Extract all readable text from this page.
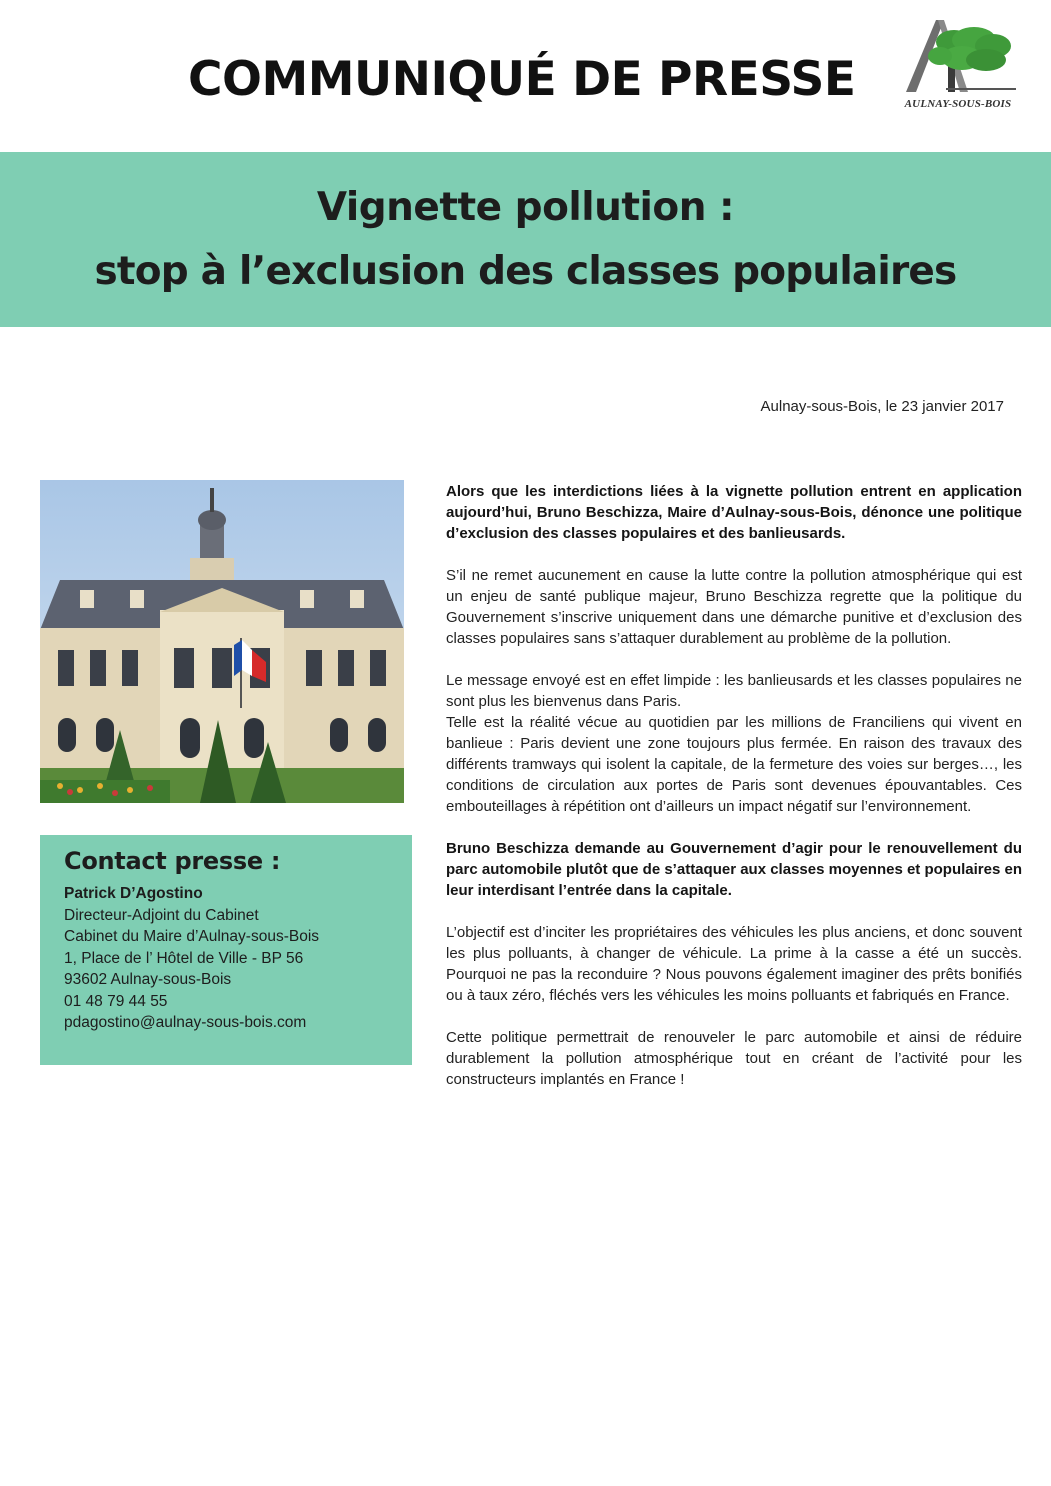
COMMUNIQUÉ DE PRESSE	AULNAY-SOUS-BOIS
Vignette pollution :
stop à l’exclusion des classes populaires
Aulnay-sous-Bois, le 23 janvier 2017
Contact presse :
Patrick D’Agostino
Directeur-Adjoint du Cabinet
Cabinet du Maire d’Aulnay-sous-Bois
1, Place de l’ Hôtel de Ville - BP 56
93602 Aulnay-sous-Bois
01 48 79 44 55
pdagostino@aulnay-sous-bois.com

Alors que les interdictions liées à la vignette pollution entrent en application aujourd’hui, Bruno Beschizza, Maire d’Aulnay-sous-Bois, dénonce une politique d’exclusion des classes populaires et des banlieusards.

S’il ne remet aucunement en cause la lutte contre la pollution atmosphérique qui est un enjeu de santé publique majeur, Bruno Beschizza regrette que la politique du Gouvernement s’inscrive uniquement dans une démarche punitive et d’exclusion des classes populaires sans s’attaquer durablement au problème de la pollution.

Le message envoyé est en effet limpide : les banlieusards et les classes populaires ne sont plus les bienvenus dans Paris.

Telle est la réalité vécue au quotidien par les millions de Franciliens qui vivent en banlieue : Paris devient une zone toujours plus fermée. En raison des travaux des différents tramways qui isolent la capitale, de la fermeture des voies sur berges…, les conditions de circulation aux portes de Paris sont devenues épouvantables. Ces embouteillages à répétition ont d’ailleurs un impact négatif sur l’environnement.

Bruno Beschizza demande au Gouvernement d’agir pour le renouvellement du parc automobile plutôt que de s’attaquer aux classes moyennes et populaires en leur interdisant l’entrée dans la capitale.

L’objectif est d’inciter les propriétaires des véhicules les plus anciens, et donc souvent les plus polluants, à changer de véhicule. La prime à la casse a été un succès. Pourquoi ne pas la reconduire ? Nous pouvons également imaginer des prêts bonifiés ou à taux zéro, fléchés vers les véhicules les moins polluants et fabriqués en France.

Cette politique permettrait de renouveler le parc automobile et ainsi de réduire durablement la pollution atmosphérique tout en créant de l’activité pour les constructeurs implantés en France !
